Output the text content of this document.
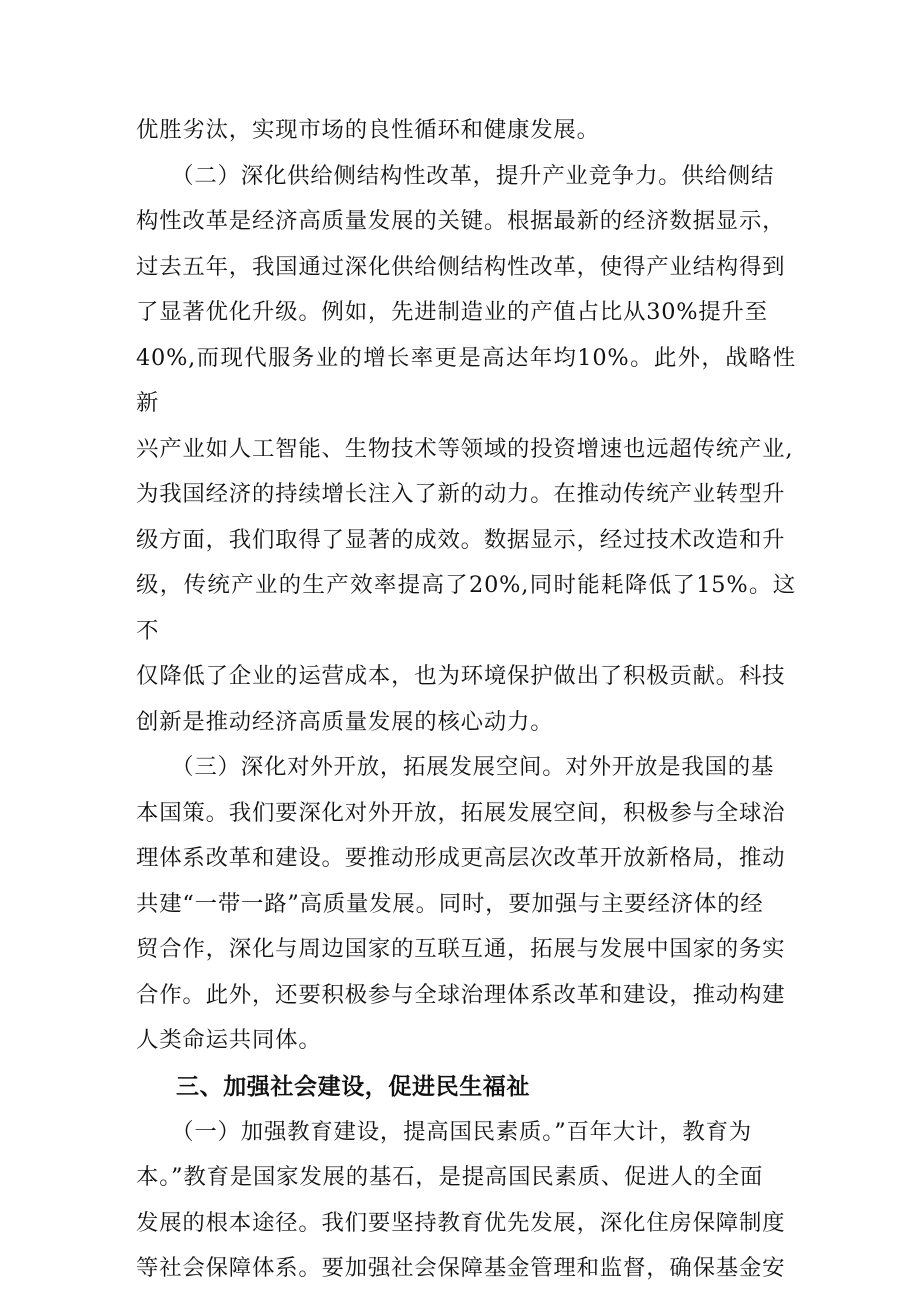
优胜劣汰，实现市场的良性循环和健康发展。

　　（二）深化供给侧结构性改革，提升产业竞争力。供给侧结
构性改革是经济高质量发展的关键。根据最新的经济数据显示，
过去五年，我国通过深化供给侧结构性改革，使得产业结构得到
了显著优化升级。例如，先进制造业的产值占比从30%提升至
40%,而现代服务业的增长率更是高达年均10%。此外，战略性新
兴产业如人工智能、生物技术等领域的投资增速也远超传统产业,
为我国经济的持续增长注入了新的动力。在推动传统产业转型升
级方面，我们取得了显著的成效。数据显示，经过技术改造和升
级，传统产业的生产效率提高了20%,同时能耗降低了15%。这不
仅降低了企业的运营成本，也为环境保护做出了积极贡献。科技
创新是推动经济高质量发展的核心动力。

　　（三）深化对外开放，拓展发展空间。对外开放是我国的基
本国策。我们要深化对外开放，拓展发展空间，积极参与全球治
理体系改革和建设。要推动形成更高层次改革开放新格局，推动
共建“一带一路”高质量发展。同时，要加强与主要经济体的经
贸合作，深化与周边国家的互联互通，拓展与发展中国家的务实
合作。此外，还要积极参与全球治理体系改革和建设，推动构建
人类命运共同体。

三、加强社会建设，促进民生福祉

　　（一）加强教育建设，提高国民素质。”百年大计，教育为
本。”教育是国家发展的基石，是提高国民素质、促进人的全面
发展的根本途径。我们要坚持教育优先发展，深化住房保障制度
等社会保障体系。要加强社会保障基金管理和监督，确保基金安
